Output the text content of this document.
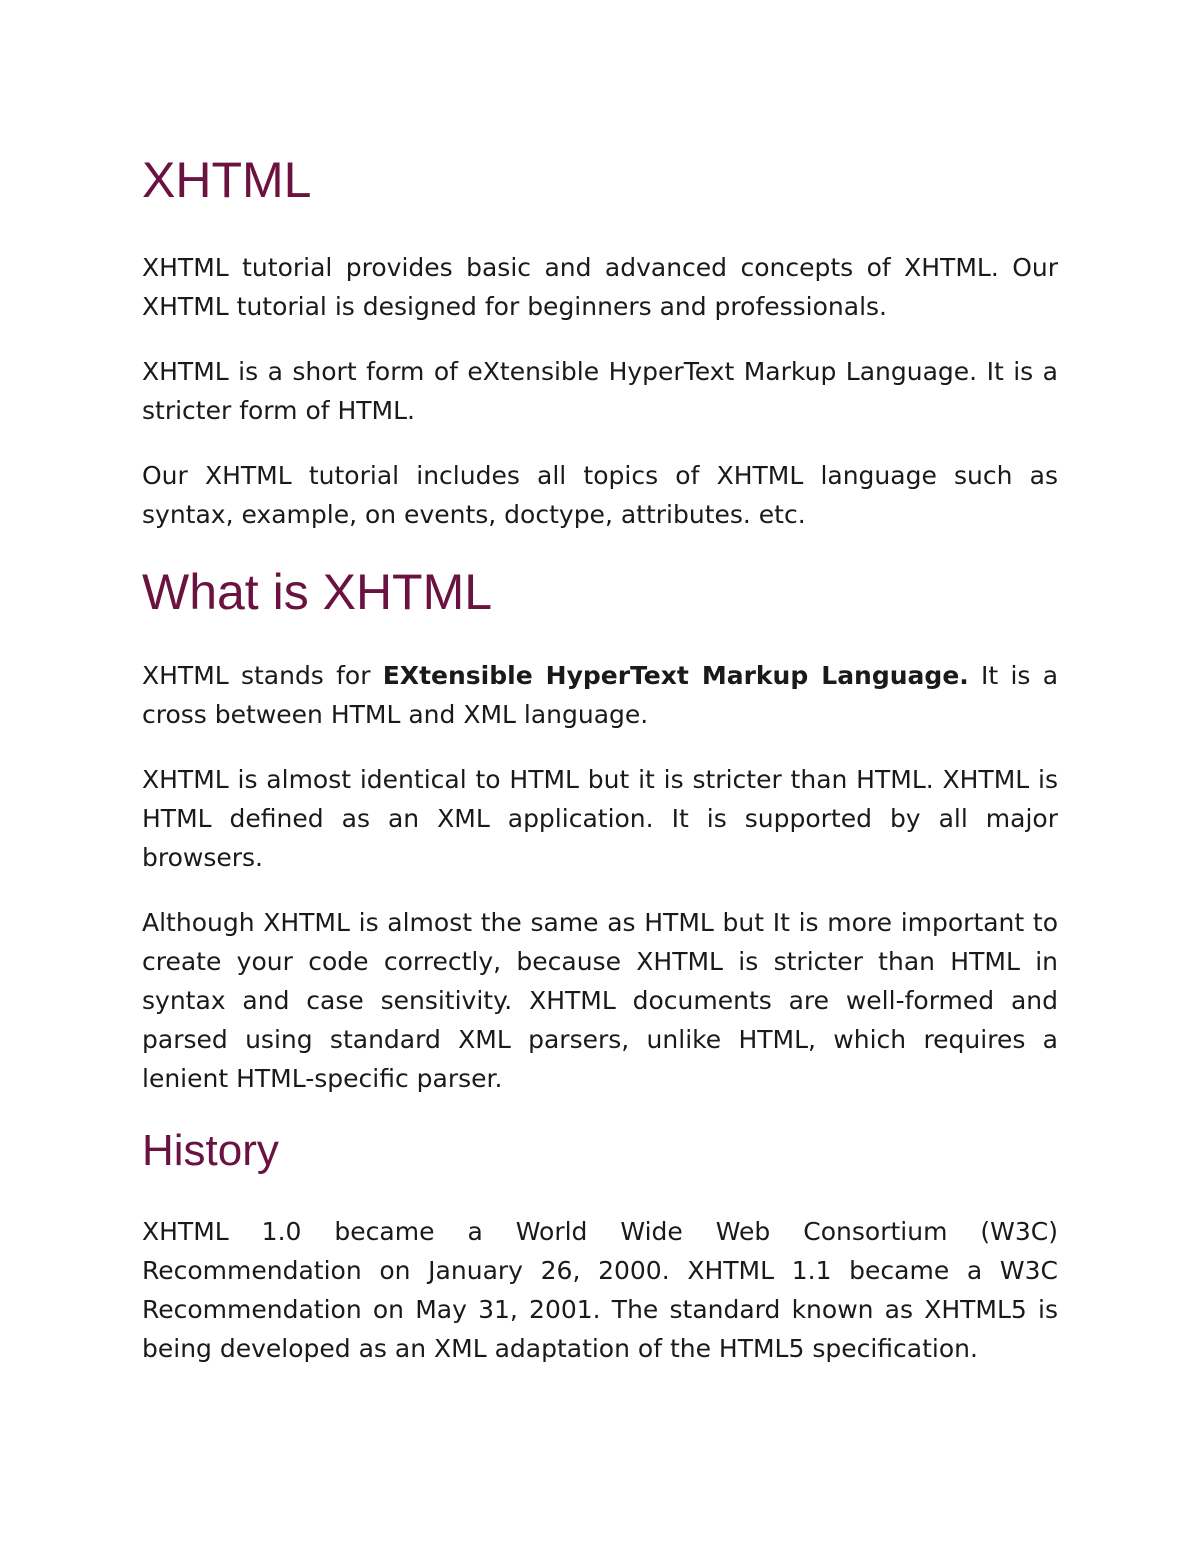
XHTML

XHTML tutorial provides basic and advanced concepts of XHTML. Our XHTML tutorial is designed for beginners and professionals.

XHTML is a short form of eXtensible HyperText Markup Language. It is a stricter form of HTML.

Our XHTML tutorial includes all topics of XHTML language such as syntax, example, on events, doctype, attributes. etc.

What is XHTML

XHTML stands for EXtensible HyperText Markup Language. It is a cross between HTML and XML language.

XHTML is almost identical to HTML but it is stricter than HTML. XHTML is HTML defined as an XML application. It is supported by all major browsers.

Although XHTML is almost the same as HTML but It is more important to create your code correctly, because XHTML is stricter than HTML in syntax and case sensitivity. XHTML documents are well-formed and parsed using standard XML parsers, unlike HTML, which requires a lenient HTML-specific parser.

History

XHTML 1.0 became a World Wide Web Consortium (W3C) Recommendation on January 26, 2000. XHTML 1.1 became a W3C Recommendation on May 31, 2001. The standard known as XHTML5 is being developed as an XML adaptation of the HTML5 specification.
